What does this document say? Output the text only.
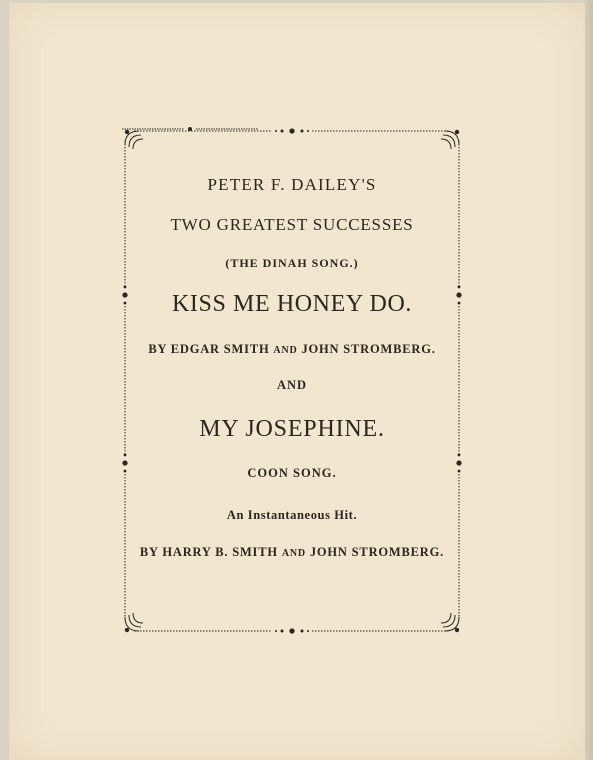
PETER F. DAILEY'S
TWO GREATEST SUCCESSES
(THE DINAH SONG.)
KISS ME HONEY DO.
BY EDGAR SMITH AND JOHN STROMBERG.
AND
MY JOSEPHINE.
COON SONG.
An Instantaneous Hit.
BY HARRY B. SMITH AND JOHN STROMBERG.
